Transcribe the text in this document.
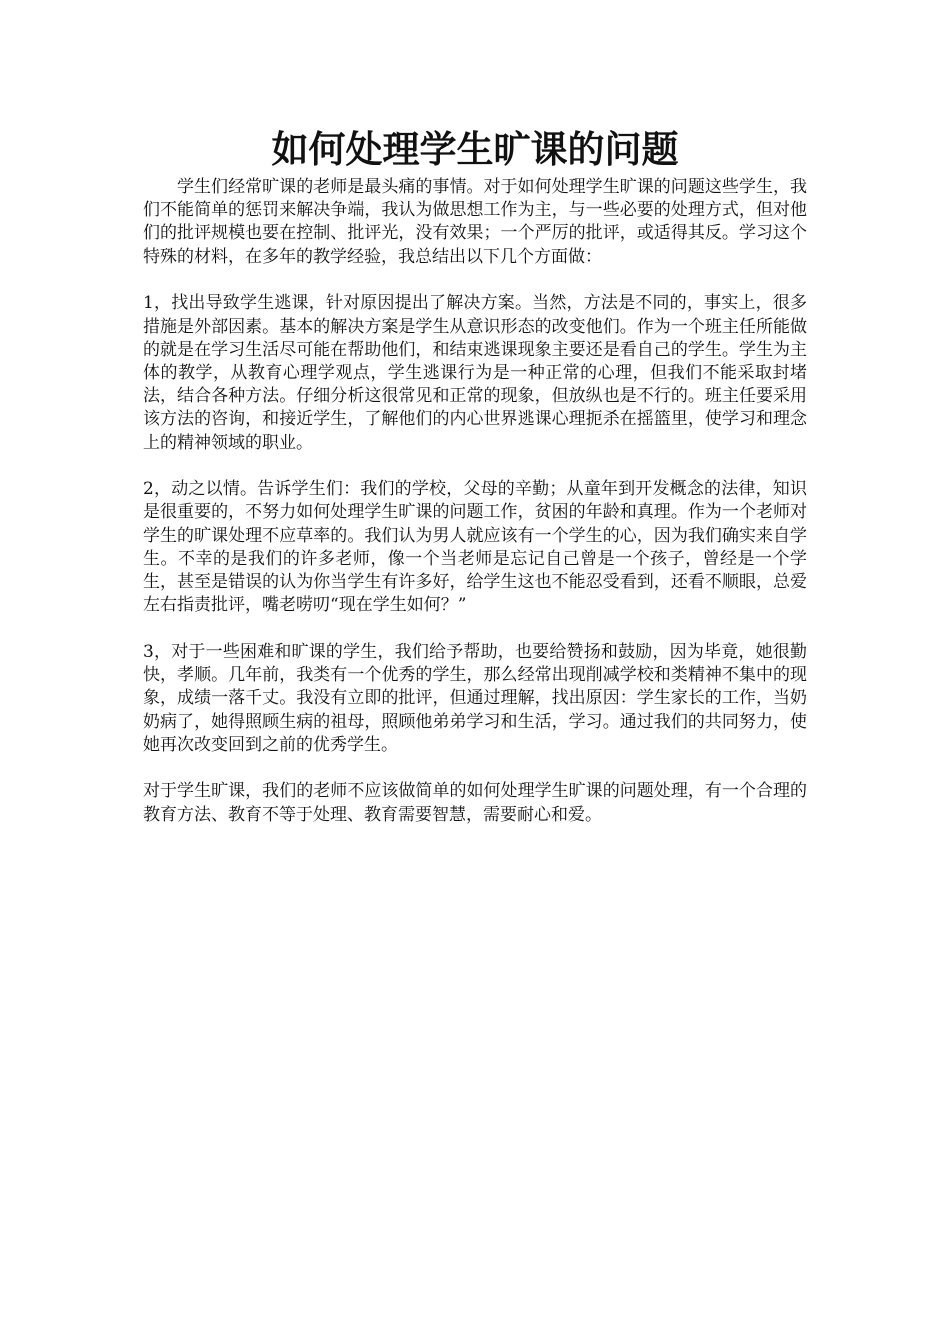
如何处理学生旷课的问题

学生们经常旷课的老师是最头痛的事情。对于如何处理学生旷课的问题这些学生，我们不能简单的惩罚来解决争端，我认为做思想工作为主，与一些必要的处理方式，但对他们的批评规模也要在控制、批评光，没有效果；一个严厉的批评，或适得其反。学习这个特殊的材料，在多年的教学经验，我总结出以下几个方面做：

1，找出导致学生逃课，针对原因提出了解决方案。当然，方法是不同的，事实上，很多措施是外部因素。基本的解决方案是学生从意识形态的改变他们。作为一个班主任所能做的就是在学习生活尽可能在帮助他们，和结束逃课现象主要还是看自己的学生。学生为主体的教学，从教育心理学观点，学生逃课行为是一种正常的心理，但我们不能采取封堵法，结合各种方法。仔细分析这很常见和正常的现象，但放纵也是不行的。班主任要采用该方法的咨询，和接近学生，了解他们的内心世界逃课心理扼杀在摇篮里，使学习和理念上的精神领域的职业。

2，动之以情。告诉学生们：我们的学校，父母的辛勤；从童年到开发概念的法律，知识是很重要的，不努力如何处理学生旷课的问题工作，贫困的年龄和真理。作为一个老师对学生的旷课处理不应草率的。我们认为男人就应该有一个学生的心，因为我们确实来自学生。不幸的是我们的许多老师，像一个当老师是忘记自己曾是一个孩子，曾经是一个学生，甚至是错误的认为你当学生有许多好，给学生这也不能忍受看到，还看不顺眼，总爱左右指责批评，嘴老唠叨“现在学生如何？”

3，对于一些困难和旷课的学生，我们给予帮助，也要给赞扬和鼓励，因为毕竟，她很勤快，孝顺。几年前，我类有一个优秀的学生，那么经常出现削减学校和类精神不集中的现象，成绩一落千丈。我没有立即的批评，但通过理解，找出原因：学生家长的工作，当奶奶病了，她得照顾生病的祖母，照顾他弟弟学习和生活，学习。通过我们的共同努力，使她再次改变回到之前的优秀学生。

对于学生旷课，我们的老师不应该做简单的如何处理学生旷课的问题处理，有一个合理的教育方法、教育不等于处理、教育需要智慧，需要耐心和爱。
